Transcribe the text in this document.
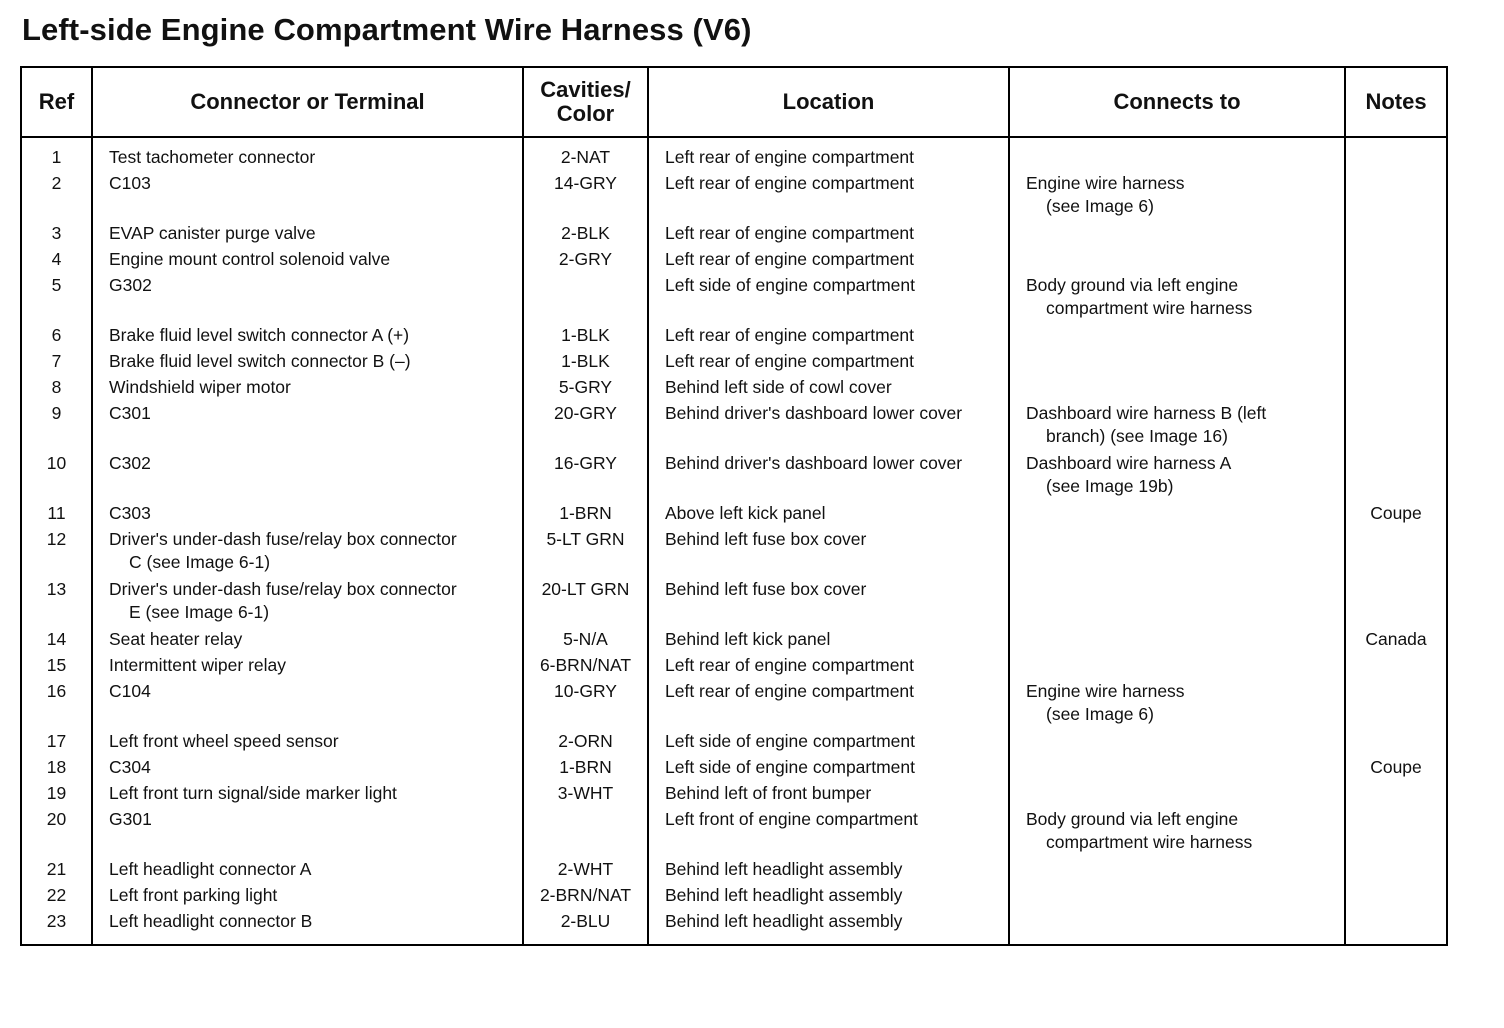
Left-side Engine Compartment Wire Harness (V6)
Ref	Connector or Terminal	Cavities/
Color	Location	Connects to	Notes

1	Test tachometer connector	2-NAT	Left rear of engine compartment		

2	C103	14-GRY	Left rear of engine compartment	Engine wire harness
(see Image 6)	

3	EVAP canister purge valve	2-BLK	Left rear of engine compartment		

4	Engine mount control solenoid valve	2-GRY	Left rear of engine compartment		

5	G302		Left side of engine compartment	Body ground via left engine
compartment wire harness	

6	Brake fluid level switch connector A (+)	1-BLK	Left rear of engine compartment		

7	Brake fluid level switch connector B (–)	1-BLK	Left rear of engine compartment		

8	Windshield wiper motor	5-GRY	Behind left side of cowl cover		

9	C301	20-GRY	Behind driver's dashboard lower cover	Dashboard wire harness B (left
branch) (see Image 16)	

10	C302	16-GRY	Behind driver's dashboard lower cover	Dashboard wire harness A
(see Image 19b)	

11	C303	1-BRN	Above left kick panel		Coupe

12	Driver's under-dash fuse/relay box connector
C (see Image 6-1)	5-LT GRN	Behind left fuse box cover		

13	Driver's under-dash fuse/relay box connector
E (see Image 6-1)	20-LT GRN	Behind left fuse box cover		

14	Seat heater relay	5-N/A	Behind left kick panel		Canada

15	Intermittent wiper relay	6-BRN/NAT	Left rear of engine compartment		

16	C104	10-GRY	Left rear of engine compartment	Engine wire harness
(see Image 6)	

17	Left front wheel speed sensor	2-ORN	Left side of engine compartment		

18	C304	1-BRN	Left side of engine compartment		Coupe

19	Left front turn signal/side marker light	3-WHT	Behind left of front bumper		

20	G301		Left front of engine compartment	Body ground via left engine
compartment wire harness	

21	Left headlight connector A	2-WHT	Behind left headlight assembly		

22	Left front parking light	2-BRN/NAT	Behind left headlight assembly		

23	Left headlight connector B	2-BLU	Behind left headlight assembly		
